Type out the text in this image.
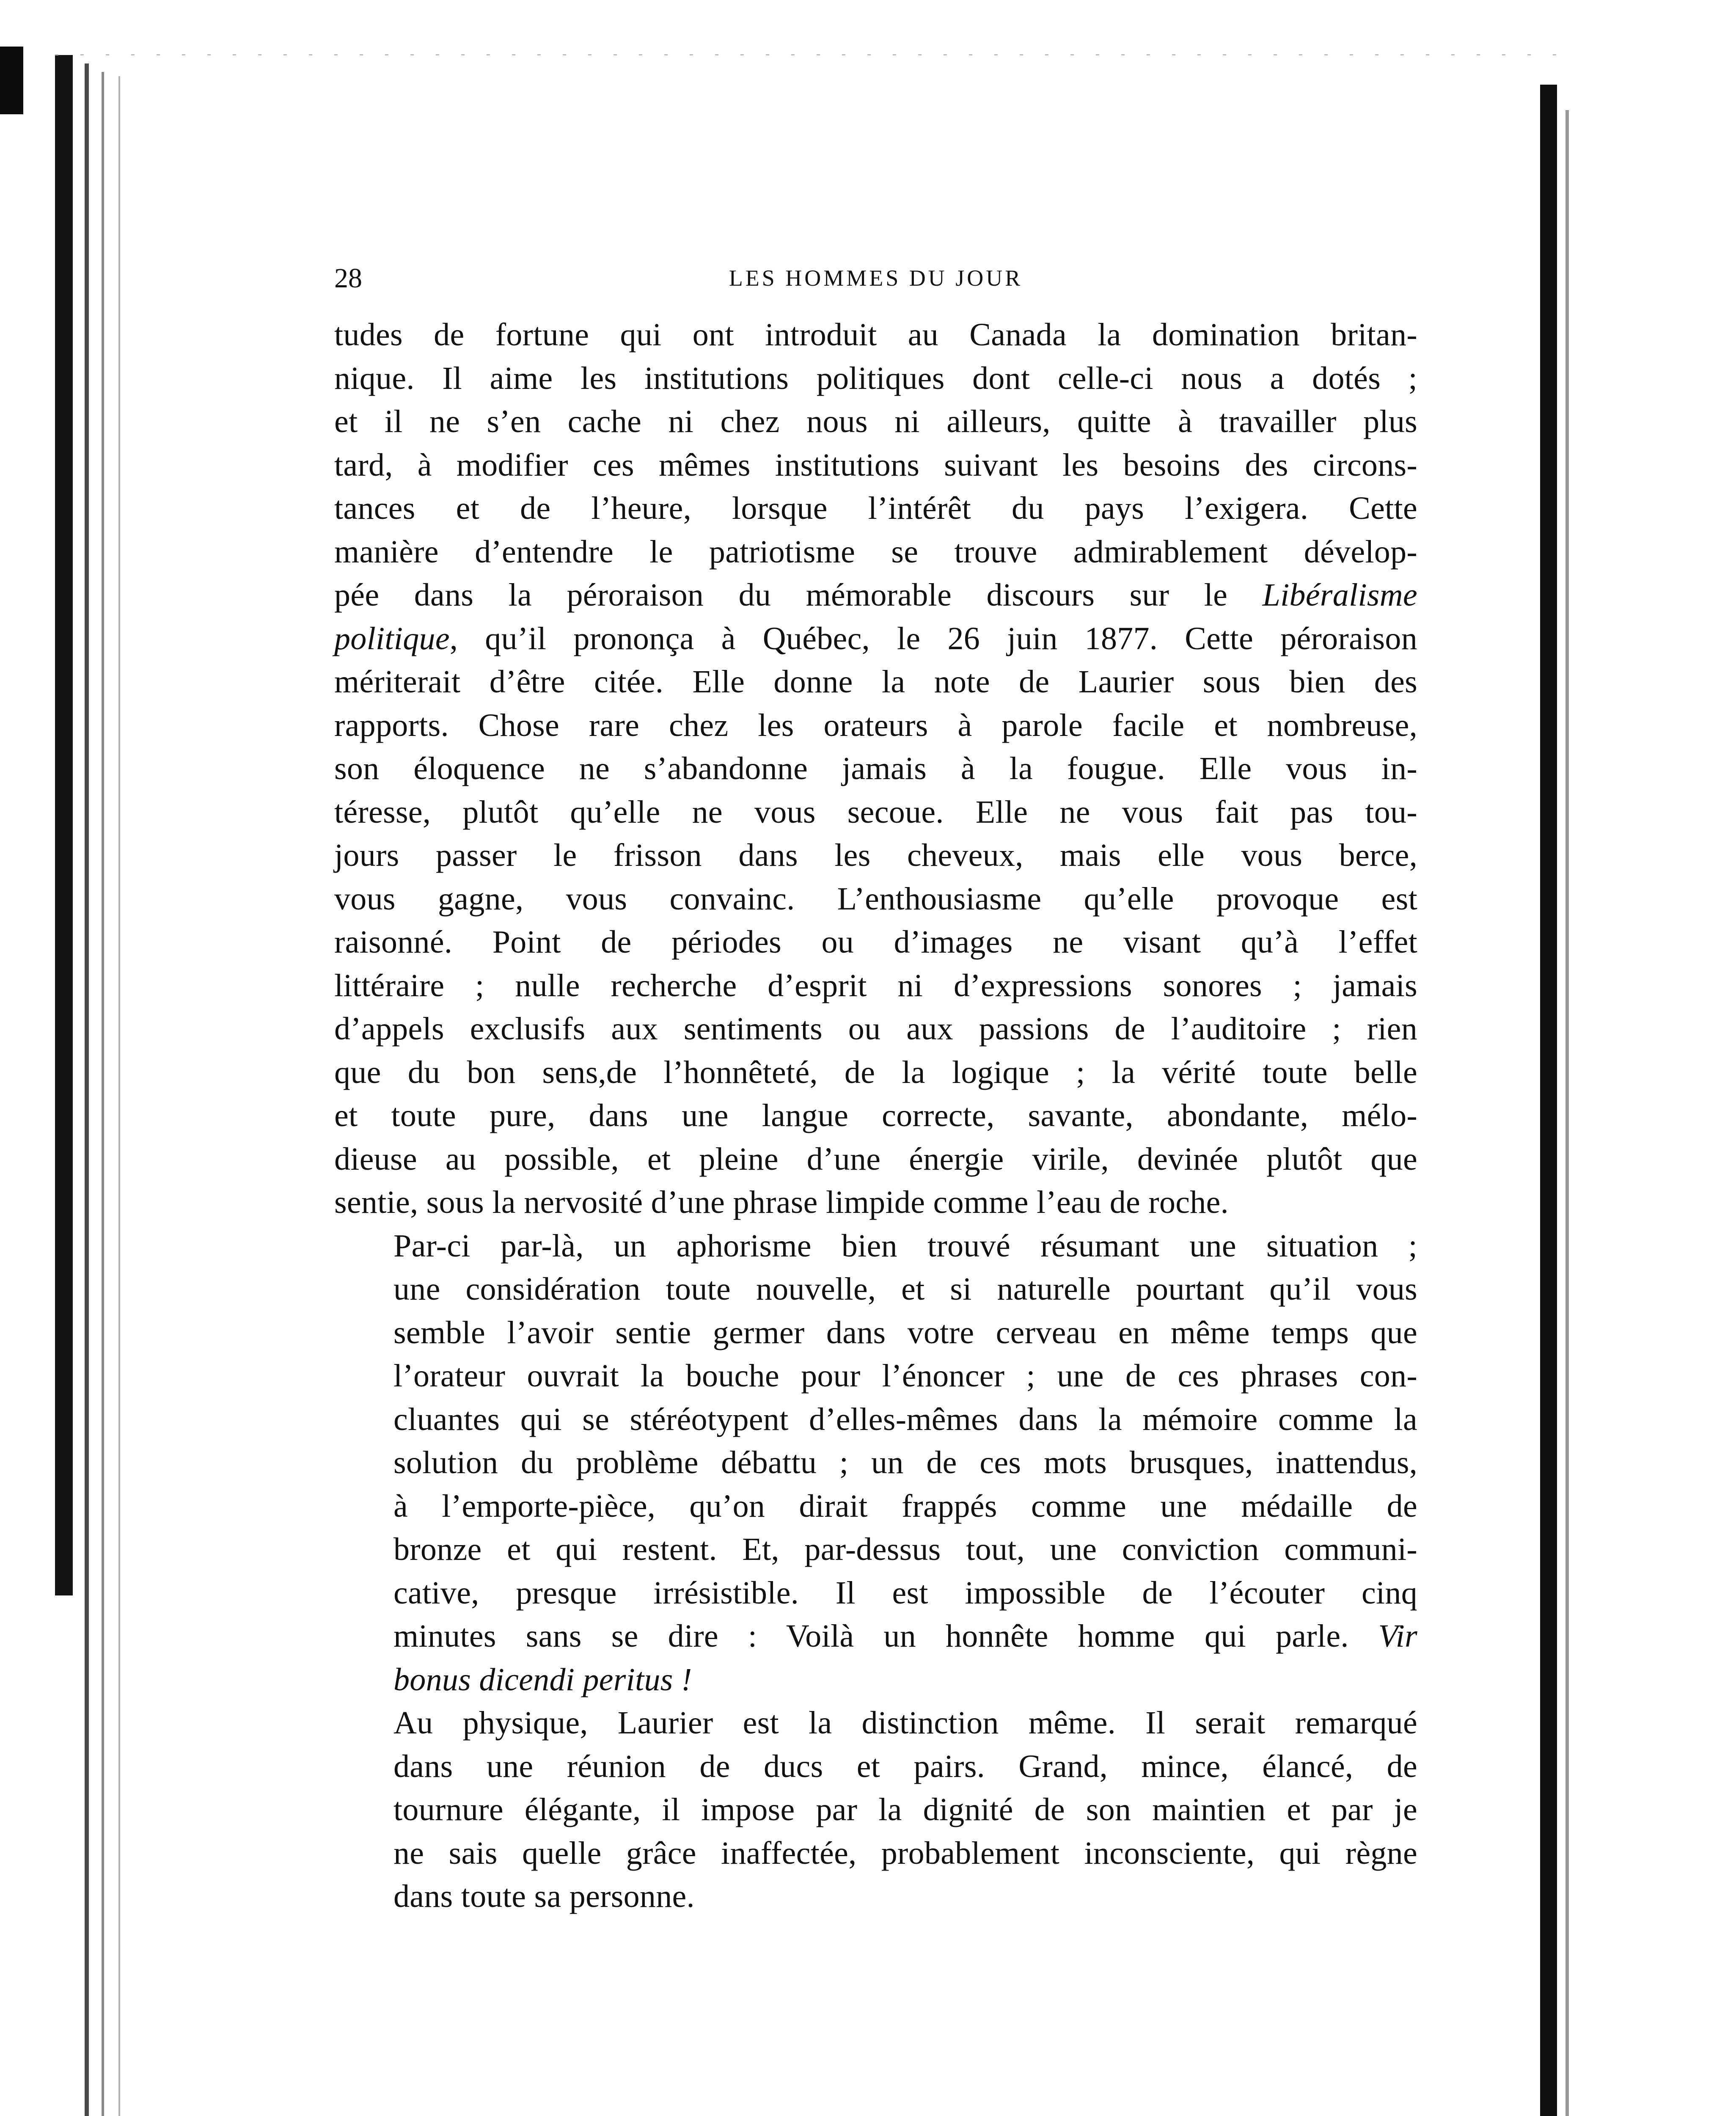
28	LES HOMMES DU JOUR

tudes de fortune qui ont introduit au Canada la domination britan-
nique. Il aime les institutions politiques dont celle-ci nous a dotés ;
et il ne s’en cache ni chez nous ni ailleurs, quitte à travailler plus
tard, à modifier ces mêmes institutions suivant les besoins des circons-
tances et de l’heure, lorsque l’intérêt du pays l’exigera. Cette
manière d’entendre le patriotisme se trouve admirablement dévelop-
pée dans la péroraison du mémorable discours sur le Libéralisme
politique, qu’il prononça à Québec, le 26 juin 1877. Cette péroraison
mériterait d’être citée. Elle donne la note de Laurier sous bien des
rapports. Chose rare chez les orateurs à parole facile et nombreuse,
son éloquence ne s’abandonne jamais à la fougue. Elle vous in-
téresse, plutôt qu’elle ne vous secoue. Elle ne vous fait pas tou-
jours passer le frisson dans les cheveux, mais elle vous berce,
vous gagne, vous convainc. L’enthousiasme qu’elle provoque est
raisonné. Point de périodes ou d’images ne visant qu’à l’effet
littéraire ; nulle recherche d’esprit ni d’expressions sonores ; jamais
d’appels exclusifs aux sentiments ou aux passions de l’auditoire ; rien
que du bon sens,de l’honnêteté, de la logique ; la vérité toute belle
et toute pure, dans une langue correcte, savante, abondante, mélo-
dieuse au possible, et pleine d’une énergie virile, devinée plutôt que
sentie, sous la nervosité d’une phrase limpide comme l’eau de roche.

Par-ci par-là, un aphorisme bien trouvé résumant une situation ;
une considération toute nouvelle, et si naturelle pourtant qu’il vous
semble l’avoir sentie germer dans votre cerveau en même temps que
l’orateur ouvrait la bouche pour l’énoncer ; une de ces phrases con-
cluantes qui se stéréotypent d’elles-mêmes dans la mémoire comme la
solution du problème débattu ; un de ces mots brusques, inattendus,
à l’emporte-pièce, qu’on dirait frappés comme une médaille de
bronze et qui restent. Et, par-dessus tout, une conviction communi-
cative, presque irrésistible. Il est impossible de l’écouter cinq
minutes sans se dire : Voilà un honnête homme qui parle. Vir
bonus dicendi peritus !

Au physique, Laurier est la distinction même. Il serait remarqué
dans une réunion de ducs et pairs. Grand, mince, élancé, de
tournure élégante, il impose par la dignité de son maintien et par je
ne sais quelle grâce inaffectée, probablement inconsciente, qui règne
dans toute sa personne.
